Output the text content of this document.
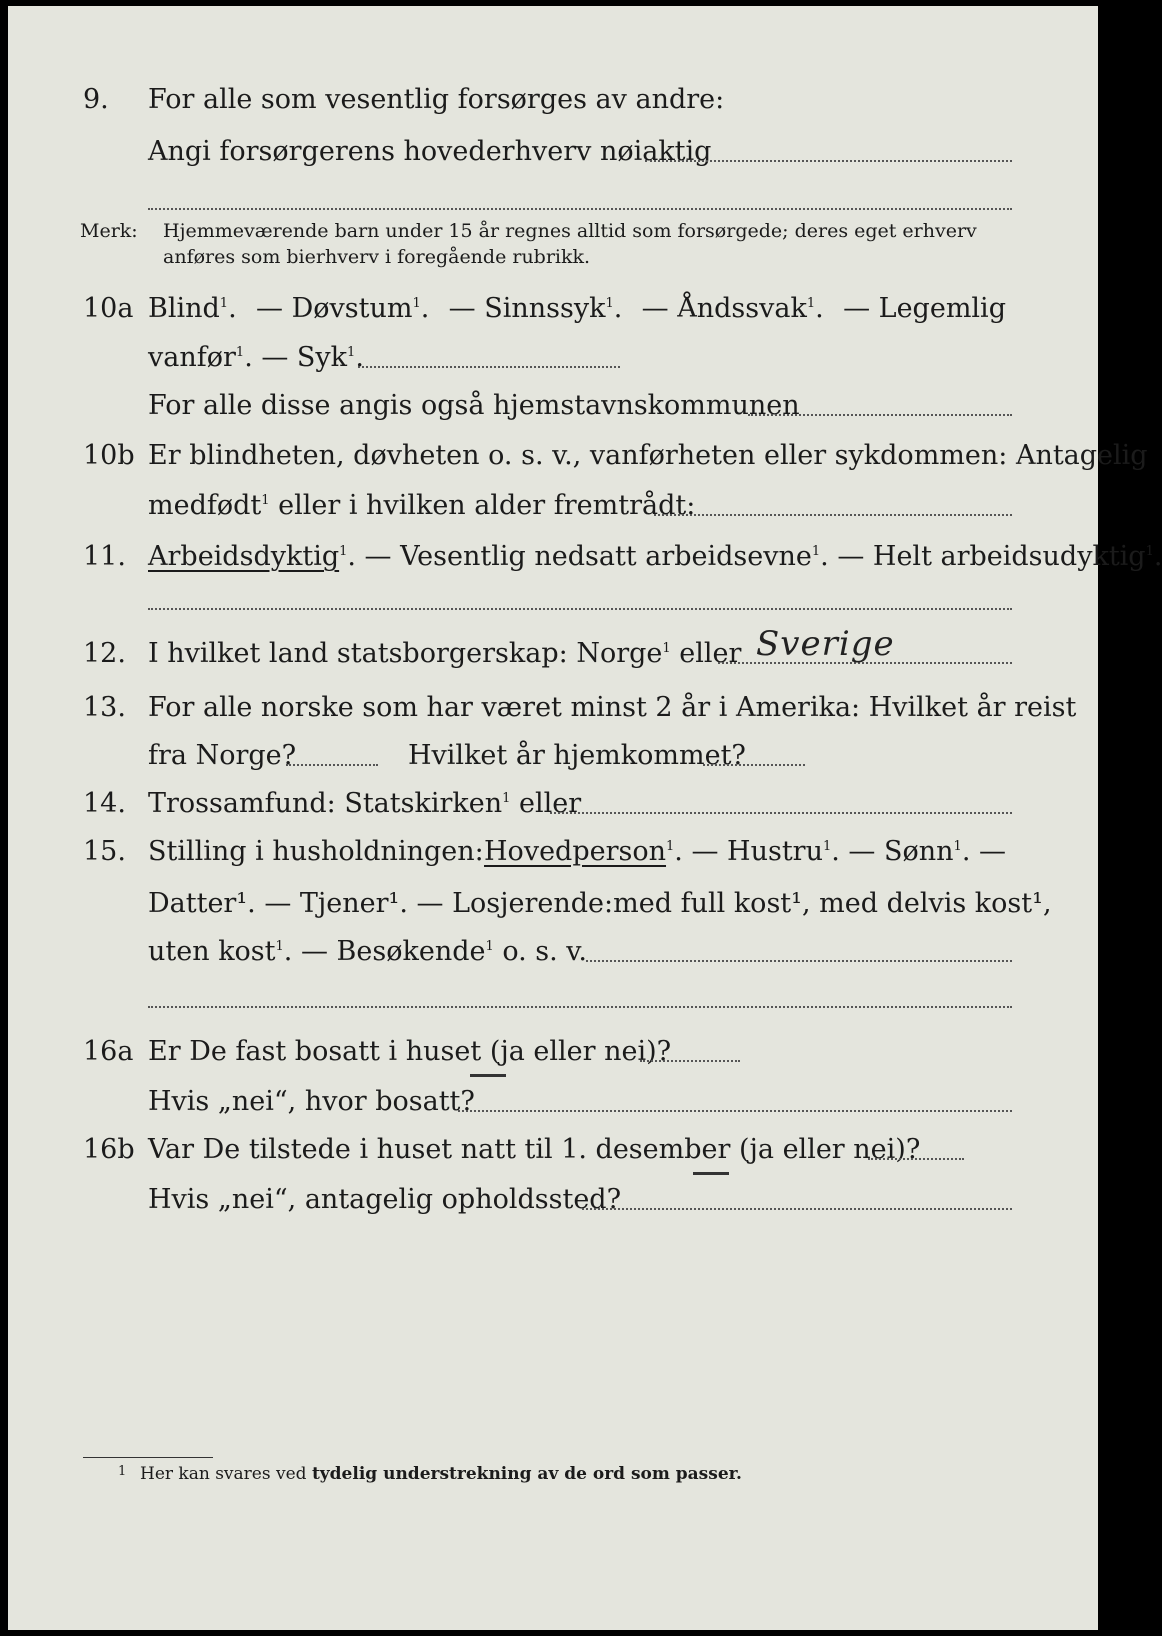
9. For alle som vesentlig forsørges av andre:
Angi forsørgerens hovederhverv nøiaktig
Merk: Hjemmeværende barn under 15 år regnes alltid som forsørgede; deres eget erhverv
anføres som bierhverv i foregående rubrikk.
10a Blind$^1$. — Døvstum$^1$. — Sinnssyk$^1$. — Åndssvak$^1$. — Legemlig
vanfør$^1$. — Syk$^1$.
For alle disse angis også hjemstavnskommunen
10b Er blindheten, døvheten o. s. v., vanførheten eller sykdommen: Antagelig
medfødt$^1$ eller i hvilken alder fremtrådt:
11. Arbeidsdyktig$^1$. — Vesentlig nedsatt arbeidsevne$^1$. — Helt arbeidsudyktig$^1$.
12. I hvilket land statsborgerskap: Norge$^1$ eller Sverige
13. For alle norske som har været minst 2 år i Amerika: Hvilket år reist
fra Norge?	Hvilket år hjemkommet?
14. Trossamfund: Statskirken$^1$ eller
15. Stilling i husholdningen: Hovedperson$^1$. — Hustru$^1$. — Sønn$^1$. —
Datter¹. — Tjener¹. — Losjerende: med full kost¹, med delvis kost¹,
uten kost$^1$. — Besøkende$^1$ o. s. v.
16a Er De fast bosatt i huset (ja eller nei)?
Hvis „nei“, hvor bosatt?
16b Var De tilstede i huset natt til 1. desember (ja eller nei)?
Hvis „nei“, antagelig opholdssted?
1 Her kan svares ved tydelig understrekning av de ord som passer.
